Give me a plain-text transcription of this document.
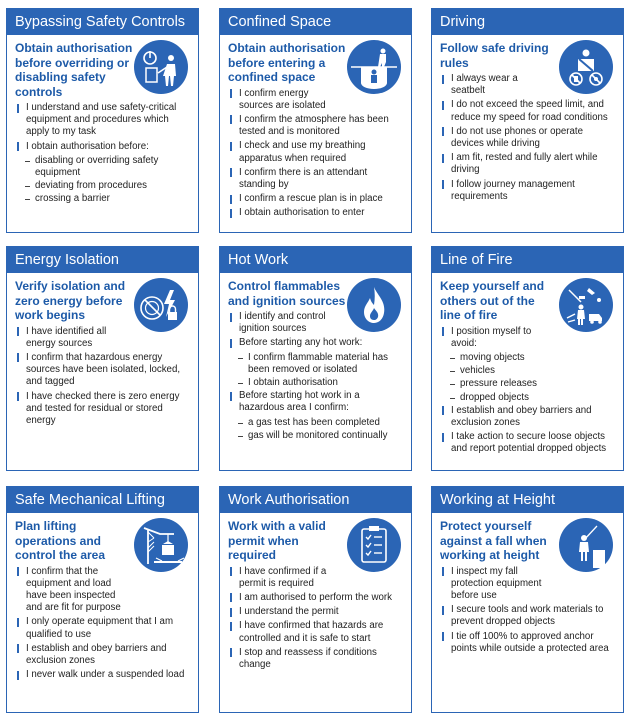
Bypassing Safety Controls
Obtain authorisation before overriding or disabling safety controls
I understand and use safety-critical equipment and procedures which apply to my task
I obtain authorisation before:
disabling or overriding safety equipment
deviating from procedures
crossing a barrier
Confined Space
Obtain authorisation before entering a confined space
I confirm energy sources are isolated
I confirm the atmosphere has been tested and is monitored
I check and use my breathing apparatus when required
I confirm there is an attendant standing by
I confirm a rescue plan is in place
I obtain authorisation to enter
Driving
Follow safe driving rules
I always wear a seatbelt
I do not exceed the speed limit, and reduce my speed for road conditions
I do not use phones or operate devices while driving
I am fit, rested and fully alert while driving
I follow journey management requirements
Energy Isolation
Verify isolation and zero energy before work begins
I have identified all energy sources
I confirm that hazardous energy sources have been isolated, locked, and tagged
I have checked there is zero energy and tested for residual or stored energy
Hot Work
Control flammables and ignition sources
I identify and control ignition sources
Before starting any hot work:
I confirm flammable material has been removed or isolated
I obtain authorisation
Before starting hot work in a hazardous area I confirm:
a gas test has been completed
gas will be monitored continually
Line of Fire
Keep yourself and others out of the line of fire
I position myself to avoid:
moving objects
vehicles
pressure releases
dropped objects
I establish and obey barriers and exclusion zones
I take action to secure loose objects and report potential dropped objects
Safe Mechanical Lifting
Plan lifting operations and control the area
I confirm that the equipment and load have been inspected and are fit for purpose
I only operate equipment that I am qualified to use
I establish and obey barriers and exclusion zones
I never walk under a suspended load
Work Authorisation
Work with a valid permit when required
I have confirmed if a permit is required
I am authorised to perform the work
I understand the permit
I have confirmed that hazards are controlled and it is safe to start
I stop and reassess if conditions change
Working at Height
Protect yourself against a fall when working at height
I inspect my fall protection equipment before use
I secure tools and work materials to prevent dropped objects
I tie off 100% to approved anchor points while outside a protected area
